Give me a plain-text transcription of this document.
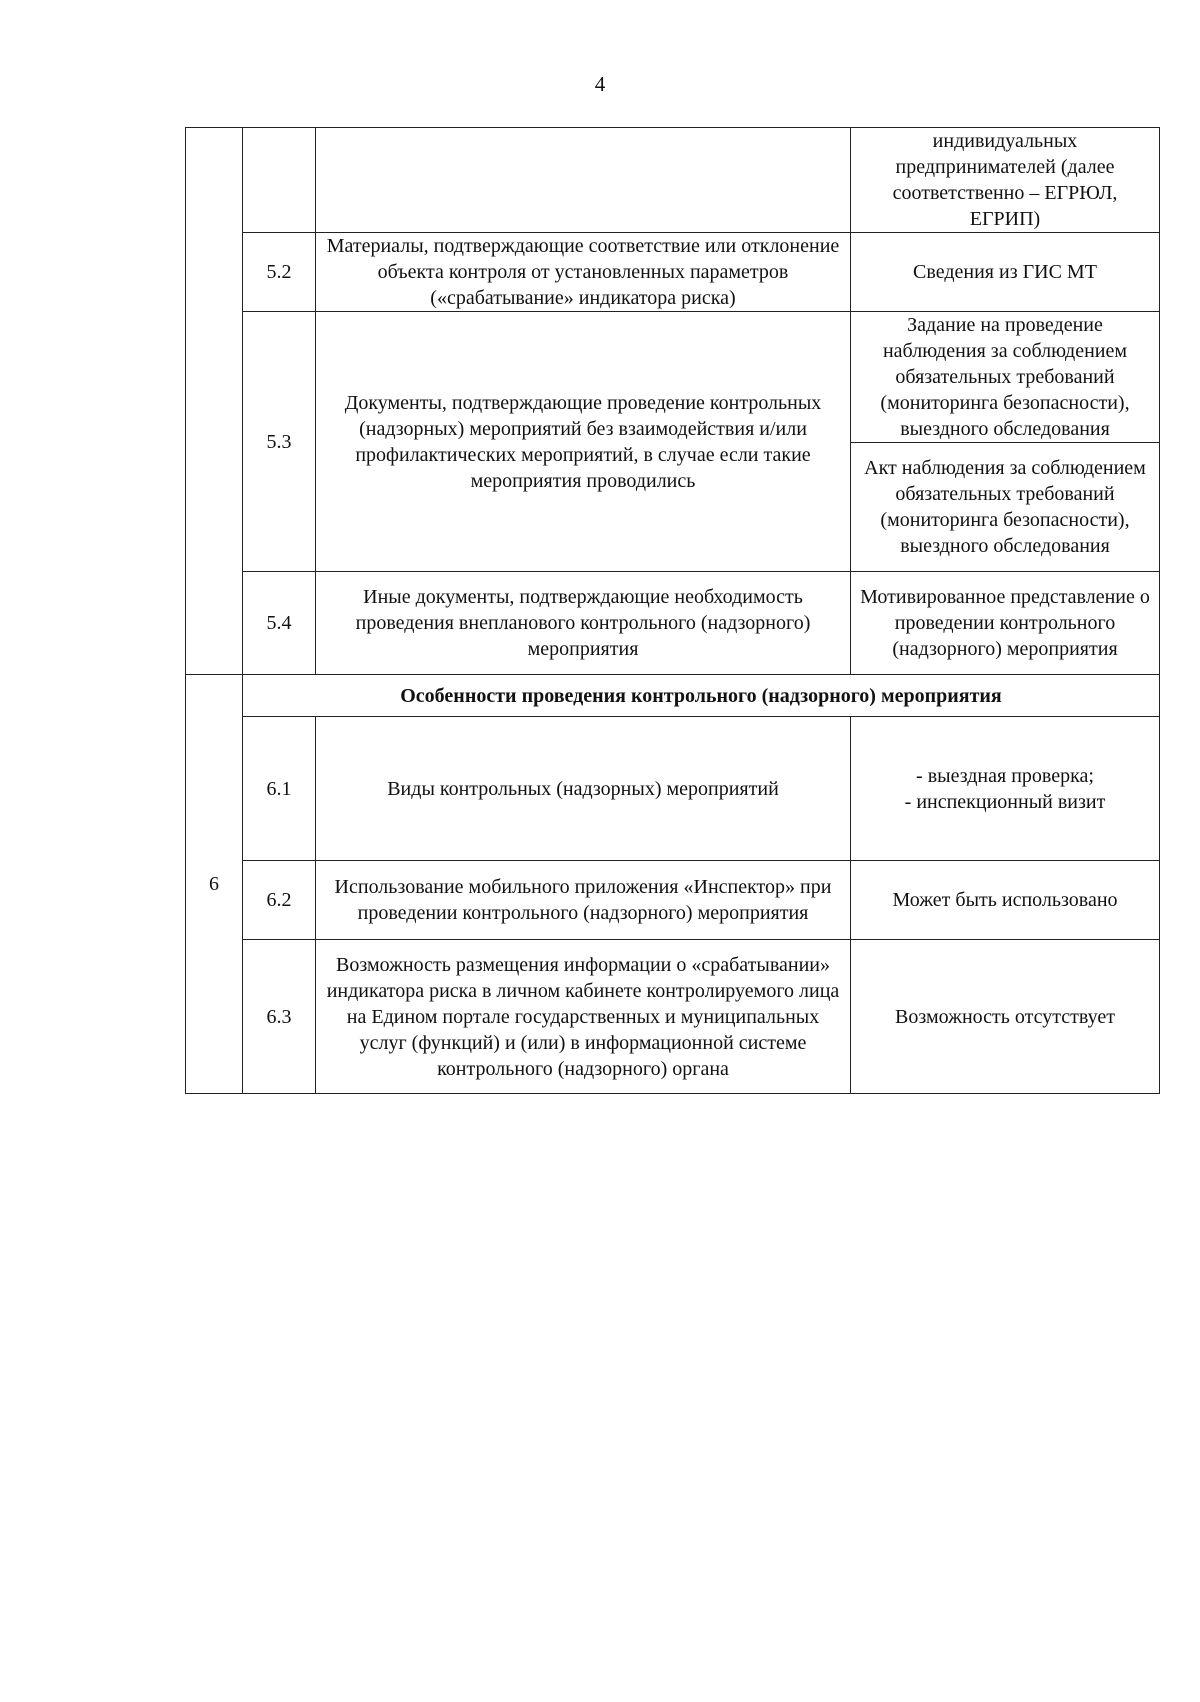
4
			индивидуальных предпринимателей (далее соответственно – ЕГРЮЛ, ЕГРИП)
	5.2	Материалы, подтверждающие соответствие или отклонение объекта контроля от установленных параметров («срабатывание» индикатора риска)	Сведения из ГИС МТ
	5.3	Документы, подтверждающие проведение контрольных (надзорных) мероприятий без взаимодействия и/или профилактических мероприятий, в случае если такие мероприятия проводились	Задание на проведение наблюдения за соблюдением обязательных требований (мониторинга безопасности), выездного обследования
			Акт наблюдения за соблюдением обязательных требований (мониторинга безопасности), выездного обследования
	5.4	Иные документы, подтверждающие необходимость проведения внепланового контрольного (надзорного) мероприятия	Мотивированное представление о проведении контрольного (надзорного) мероприятия
6	Особенности проведения контрольного (надзорного) мероприятия		
	6.1	Виды контрольных (надзорных) мероприятий	- выездная проверка;
- инспекционный визит

	6.2	Использование мобильного приложения «Инспектор» при проведении контрольного (надзорного) мероприятия	Может быть использовано

	6.3	Возможность размещения информации о «срабатывании» индикатора риска в личном кабинете контролируемого лица на Едином портале государственных и муниципальных услуг (функций) и (или) в информационной системе контрольного (надзорного) органа	Возможность отсутствует
